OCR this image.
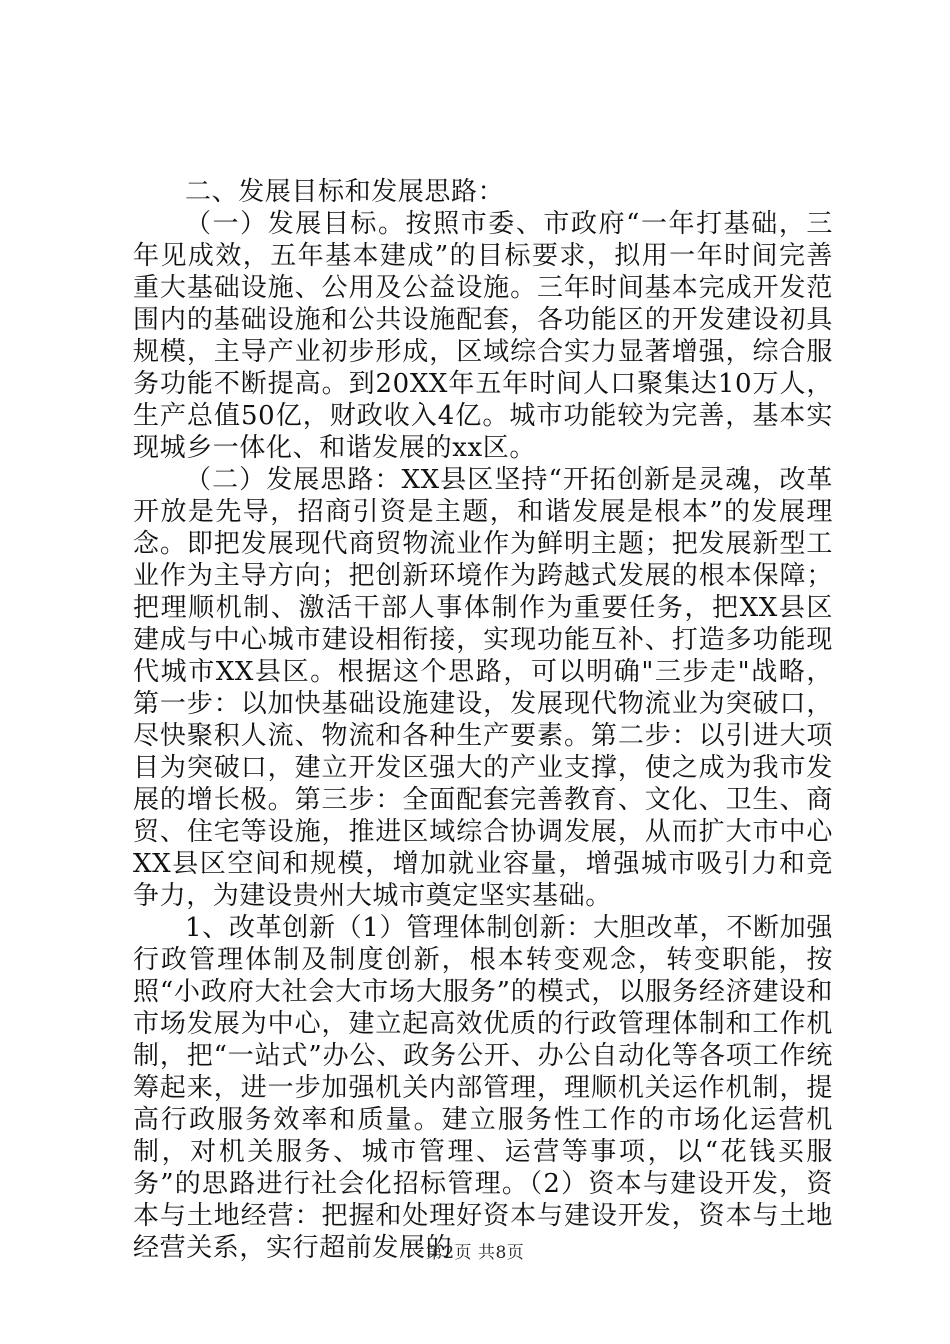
二、发展目标和发展思路：

（一）发展目标。按照市委、市政府“一年打基础，三年见成效，五年基本建成”的目标要求，拟用一年时间完善重大基础设施、公用及公益设施。三年时间基本完成开发范围内的基础设施和公共设施配套，各功能区的开发建设初具规模，主导产业初步形成，区域综合实力显著增强，综合服务功能不断提高。到20XX年五年时间人口聚集达10万人，生产总值50亿，财政收入4亿。城市功能较为完善，基本实现城乡一体化、和谐发展的xx区。

（二）发展思路：XX县区坚持“开拓创新是灵魂，改革开放是先导，招商引资是主题，和谐发展是根本”的发展理念。即把发展现代商贸物流业作为鲜明主题；把发展新型工业作为主导方向；把创新环境作为跨越式发展的根本保障；把理顺机制、激活干部人事体制作为重要任务，把XX县区建成与中心城市建设相衔接，实现功能互补、打造多功能现代城市XX县区。根据这个思路，可以明确"三步走"战略，第一步：以加快基础设施建设，发展现代物流业为突破口，尽快聚积人流、物流和各种生产要素。第二步：以引进大项目为突破口，建立开发区强大的产业支撑，使之成为我市发展的增长极。第三步：全面配套完善教育、文化、卫生、商贸、住宅等设施，推进区域综合协调发展，从而扩大市中心XX县区空间和规模，增加就业容量，增强城市吸引力和竞争力，为建设贵州大城市奠定坚实基础。

1、改革创新（1）管理体制创新：大胆改革，不断加强行政管理体制及制度创新，根本转变观念，转变职能，按照“小政府大社会大市场大服务”的模式，以服务经济建设和市场发展为中心，建立起高效优质的行政管理体制和工作机制，把“一站式”办公、政务公开、办公自动化等各项工作统筹起来，进一步加强机关内部管理，理顺机关运作机制，提高行政服务效率和质量。建立服务性工作的市场化运营机制，对机关服务、城市管理、运营等事项，以“花钱买服务”的思路进行社会化招标管理。（2）资本与建设开发，资本与土地经营：把握和处理好资本与建设开发，资本与土地经营关系，实行超前发展的

第2页 共8页
